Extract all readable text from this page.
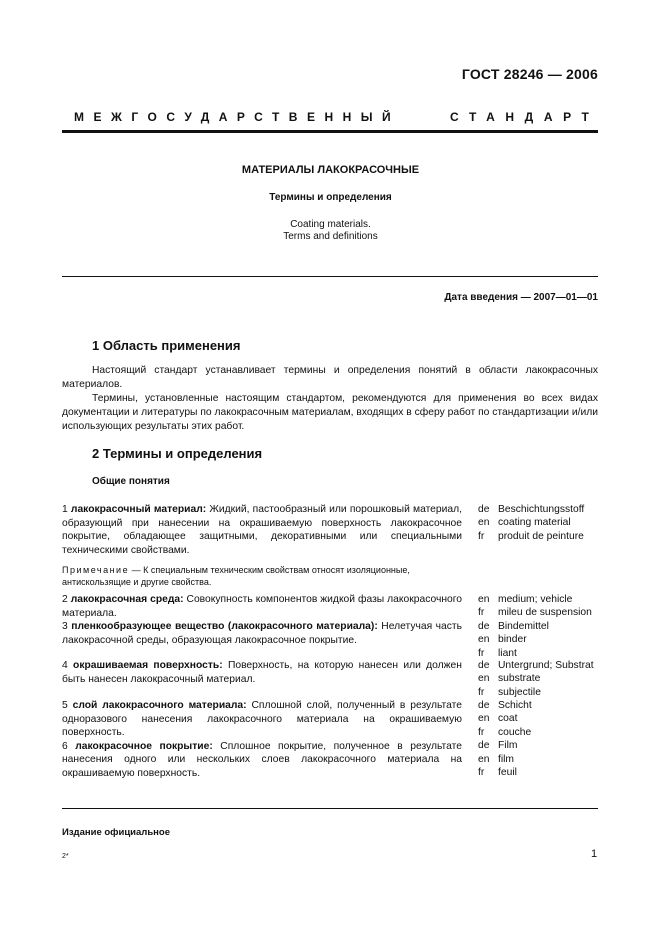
ГОСТ 28246 — 2006
МЕЖГОСУДАРСТВЕННЫЙ	СТАНДАРТ
МАТЕРИАЛЫ ЛАКОКРАСОЧНЫЕ
Термины и определения
Coating materials.
Terms and definitions
Дата введения — 2007—01—01
1 Область применения

Настоящий стандарт устанавливает термины и определения понятий в области лакокрасочных материалов.

Термины, установленные настоящим стандартом, рекомендуются для применения во всех видах документации и литературы по лакокрасочным материалам, входящих в сферу работ по стандартизации и/или использующих результаты этих работ.

2 Термины и определения
Общие понятия

1 лакокрасочный материал: Жидкий, пастообразный или порошковый материал, образующий при нанесении на окрашиваемую поверхность лакокрасочное покрытие, обладающее защитными, декоративными или специальными техническими свойствами.

Примечание — К специальным техническим свойствам относят изоляционные, антискользящие и другие свойства.

2 лакокрасочная среда: Совокупность компонентов жидкой фазы лакокрасочного материала.

3 пленкообразующее вещество (лакокрасочного материала): Нелетучая часть лакокрасочной среды, образующая лакокрасочное покрытие.

4 окрашиваемая поверхность: Поверхность, на которую нанесен или должен быть нанесен лакокрасочный материал.

5 слой лакокрасочного материала: Сплошной слой, полученный в результате одноразового нанесения лакокрасочного материала на окрашиваемую поверхность.

6 лакокрасочное покрытие: Сплошное покрытие, полученное в результате нанесения одного или нескольких слоев лакокрасочного материала на окрашиваемую поверхность.

de Beschichtungsstoff
en coating material
fr produit de peinture
en medium; vehicle
fr mileu de suspension
de Bindemittel
en binder
fr liant
de Untergrund; Substrat
en substrate
fr subjectile
de Schicht
en coat
fr couche
de Film
en film
fr feuil
Издание официальное
2*	1
